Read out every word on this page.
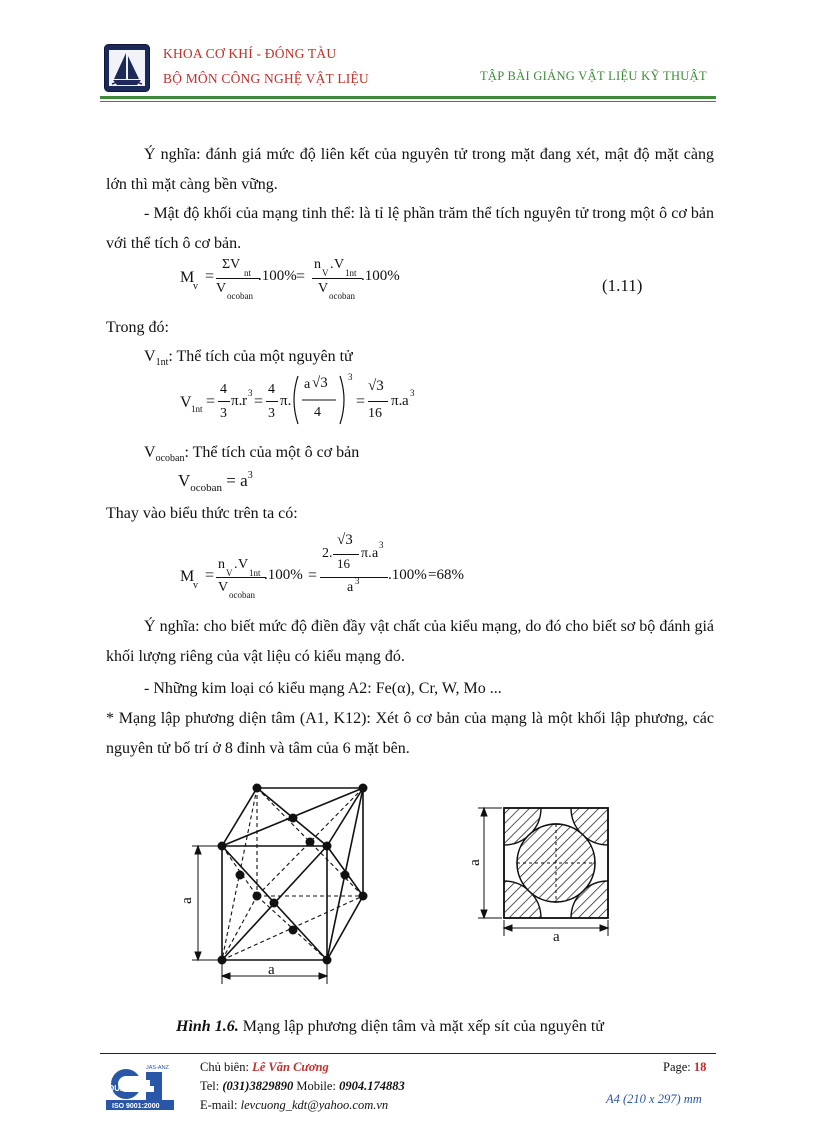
KHOA CƠ KHÍ - ĐÓNG TÀU
BỘ MÔN CÔNG NGHỆ VẬT LIỆU	TẬP BÀI GIẢNG VẬT LIỆU KỸ THUẬT
Ý nghĩa: đánh giá mức độ liên kết của nguyên tử trong mặt đang xét, mật độ mặt càng lớn thì mặt càng bền vững.
- Mật độ khối của mạng tinh thể: là tỉ lệ phần trăm thể tích nguyên tử trong một ô cơ bản với thể tích ô cơ bản.
M
v
=
ΣV
nt
V ocoban
.100% =
n
V
. V
1nt
V ocoban
.100%	(1.11)
Trong đó:
$V_{1nt}$: Thể tích của một nguyên tử
V 1nt =
4
3
π. r 3 =
4
3
π.
a √3
4
3
=
√3
16
π. a 3
$V_{ocoban}$: Thể tích của một ô cơ bản
$V_{ocoban} = a^3$
Thay vào biểu thức trên ta có:
M
v
=
n
V
. V
1nt
V ocoban
.100% =
2.
√3
16
π. a
3
a 3 .100% =68%
Ý nghĩa: cho biết mức độ điền đầy vật chất của kiểu mạng, do đó cho biết sơ bộ đánh giá khối lượng riêng của vật liệu có kiểu mạng đó.
- Những kim loại có kiểu mạng A2: Fe(α), Cr, W, Mo ...
* Mạng lập phương diện tâm (A1, K12): Xét ô cơ bản của mạng là một khối lập phương, các nguyên tử bố trí ở 8 đỉnh và tâm của 6 mặt bên.
a
a
a
a
Hình 1.6. Mạng lập phương diện tâm và mặt xếp sít của nguyên tử
QUACERT
ISO 9001:2000
JAS-ANZ Chủ biên: Lê Văn Cương
Tel: (031)3829890 Mobile: 0904.174883
E-mail: levcuong_kdt@yahoo.com.vn
Page: 18
A4 (210 x 297) mm
